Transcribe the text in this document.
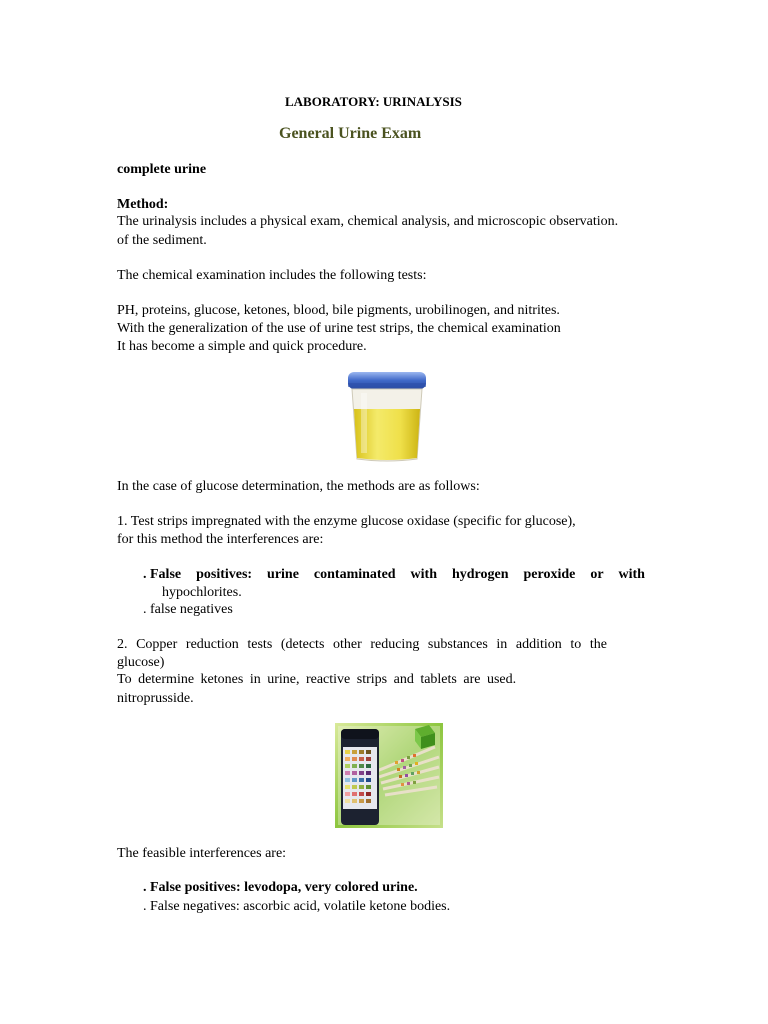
LABORATORY: URINALYSIS
General Urine Exam
complete urine
Method:
The urinalysis includes a physical exam, chemical analysis, and microscopic observation.
of the sediment.
The chemical examination includes the following tests:
PH, proteins, glucose, ketones, blood, bile pigments, urobilinogen, and nitrites.
With the generalization of the use of urine test strips, the chemical examination
It has become a simple and quick procedure.
In the case of glucose determination, the methods are as follows:
1. Test strips impregnated with the enzyme glucose oxidase (specific for glucose),
for this method the interferences are:
. False positives: urine contaminated with hydrogen peroxide or with
hypochlorites.
. false negatives
2. Copper reduction tests (detects other reducing substances in addition to the
glucose)
To determine ketones in urine, reactive strips and tablets are used.
nitroprusside.
The feasible interferences are:
. False positives: levodopa, very colored urine.
. False negatives: ascorbic acid, volatile ketone bodies.
